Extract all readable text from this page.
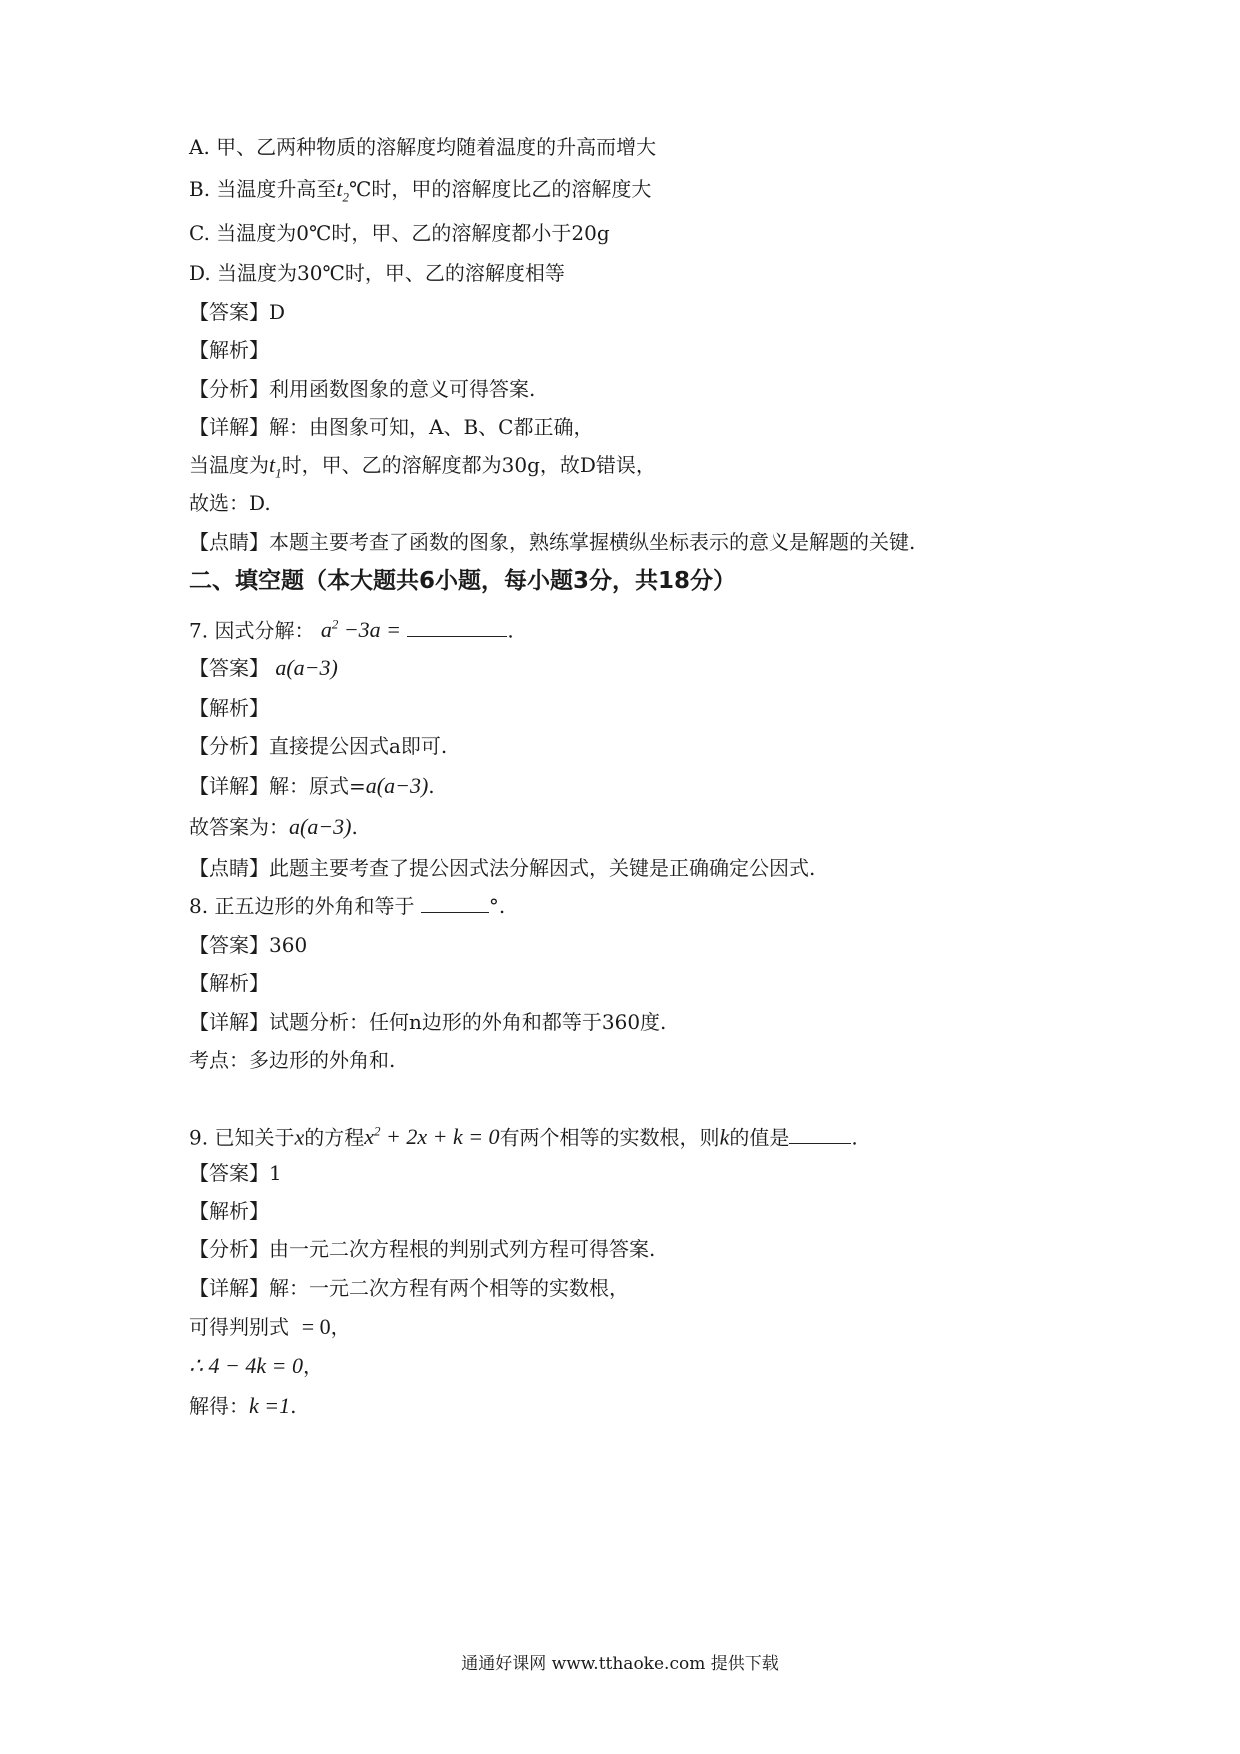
A. 甲、乙两种物质的溶解度均随着温度的升高而增大
B. 当温度升高至$t_2℃$时，甲的溶解度比乙的溶解度大
C. 当温度为0℃时，甲、乙的溶解度都小于20g
D. 当温度为30℃时，甲、乙的溶解度相等
【答案】D
【解析】
【分析】利用函数图象的意义可得答案.
【详解】解：由图象可知，A、B、C都正确，
当温度为$t_1$时，甲、乙的溶解度都为30g，故D错误，
故选：D.
【点睛】本题主要考查了函数的图象，熟练掌握横纵坐标表示的意义是解题的关键.
二、填空题（本大题共6小题，每小题3分，共18分）
7. 因式分解： $a^2 -3a$ =	.
【答案】 a(a−3)
【解析】
【分析】直接提公因式a即可.
【详解】解：原式=a(a−3).
故答案为：a(a−3).
【点睛】此题主要考查了提公因式法分解因式，关键是正确确定公因式.
8. 正五边形的外角和等于	°.
【答案】360
【解析】
【详解】试题分析：任何n边形的外角和都等于360度.
考点：多边形的外角和.
9. 已知关于x的方程$x^2 + 2x + k = 0$有两个相等的实数根，则k的值是	.
【答案】1
【解析】
【分析】由一元二次方程根的判别式列方程可得答案.
【详解】解：一元二次方程有两个相等的实数根，
可得判别式 = 0，
∴ 4 − 4k = 0，
解得：k =1.
通通好课网 www.tthaoke.com 提供下载
